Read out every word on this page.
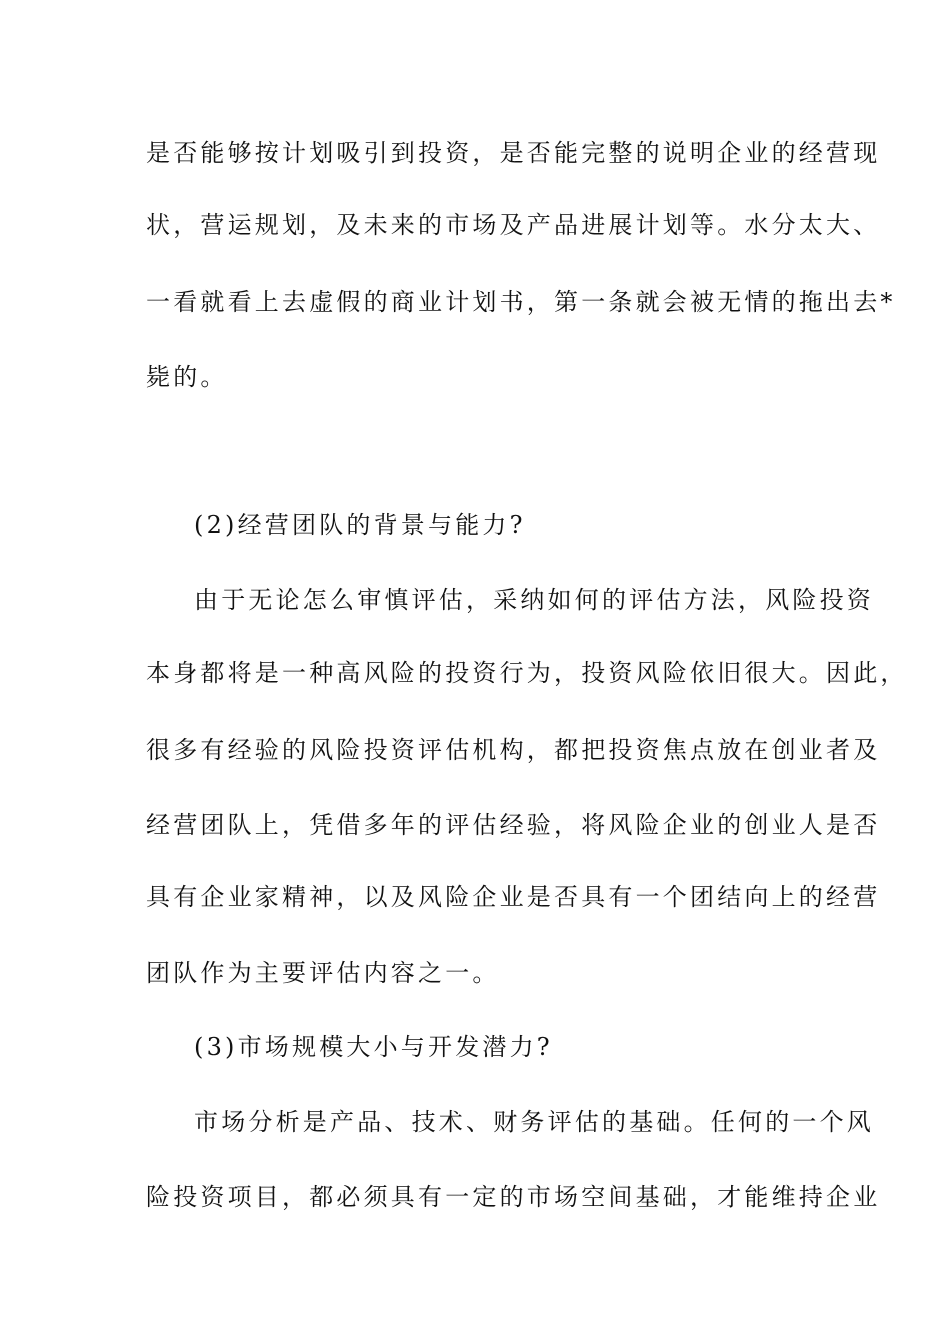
是否能够按计划吸引到投资，是否能完整的说明企业的经营现
状，营运规划，及未来的市场及产品进展计划等。水分太大、
一看就看上去虚假的商业计划书，第一条就会被无情的拖出去*
毙的。
(2)经营团队的背景与能力?
由于无论怎么审慎评估，采纳如何的评估方法，风险投资
本身都将是一种高风险的投资行为，投资风险依旧很大。因此，
很多有经验的风险投资评估机构，都把投资焦点放在创业者及
经营团队上，凭借多年的评估经验，将风险企业的创业人是否
具有企业家精神，以及风险企业是否具有一个团结向上的经营
团队作为主要评估内容之一。
(3)市场规模大小与开发潜力?
市场分析是产品、技术、财务评估的基础。任何的一个风
险投资项目，都必须具有一定的市场空间基础，才能维持企业
